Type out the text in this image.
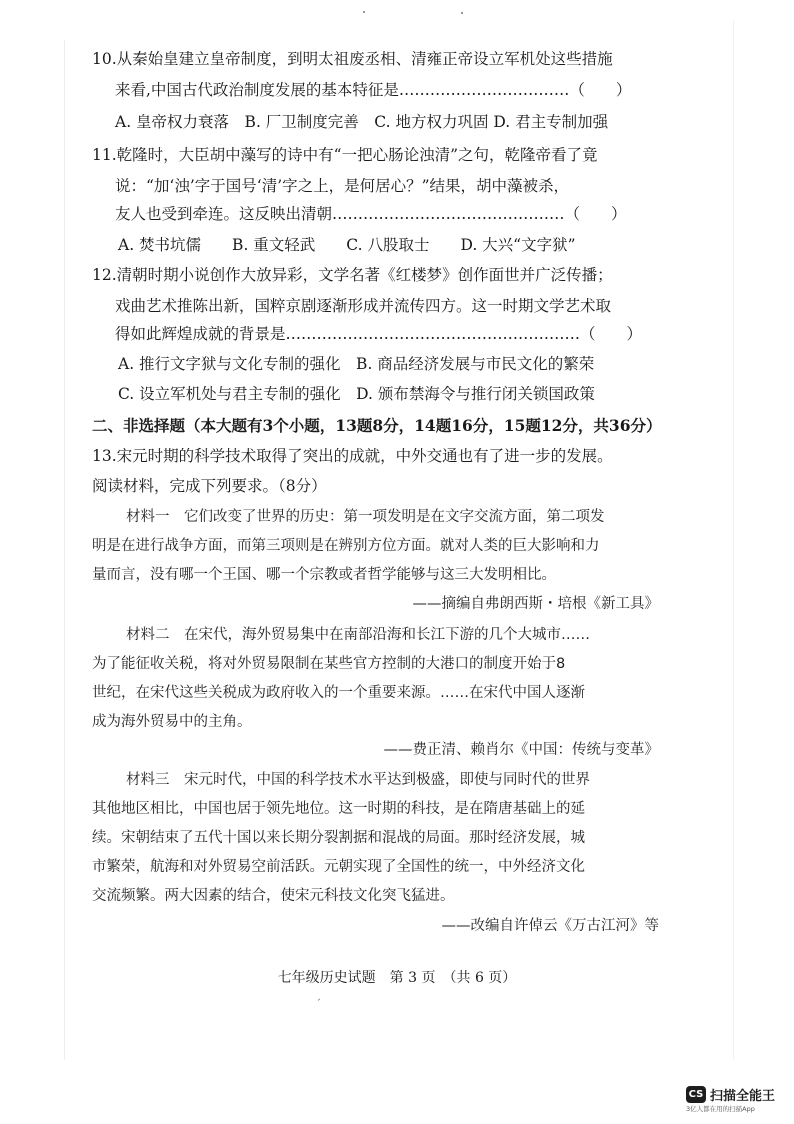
10.从秦始皇建立皇帝制度，到明太祖废丞相、清雍正帝设立军机处这些措施
来看,中国古代政治制度发展的基本特征是……………………………（　　）
A. 皇帝权力衰落　B. 厂卫制度完善　C. 地方权力巩固 D. 君主专制加强
11.乾隆时，大臣胡中藻写的诗中有“一把心肠论浊清”之句，乾隆帝看了竟
说：“加‘浊’字于国号‘清’字之上，是何居心？”结果，胡中藻被杀，
友人也受到牵连。这反映出清朝………………………………………（　　）
A. 焚书坑儒　　B. 重文轻武　　C. 八股取士　　D. 大兴“文字狱”
12.清朝时期小说创作大放异彩，文学名著《红楼梦》创作面世并广泛传播；
戏曲艺术推陈出新，国粹京剧逐渐形成并流传四方。这一时期文学艺术取
得如此辉煌成就的背景是…………………………………………………（　　）
A. 推行文字狱与文化专制的强化　B. 商品经济发展与市民文化的繁荣
C. 设立军机处与君主专制的强化　D. 颁布禁海令与推行闭关锁国政策
二、非选择题（本大题有3个小题，13题8分，14题16分，15题12分，共36分）
13.宋元时期的科学技术取得了突出的成就，中外交通也有了进一步的发展。
阅读材料，完成下列要求。（8分）
材料一　它们改变了世界的历史：第一项发明是在文字交流方面，第二项发
明是在进行战争方面，而第三项则是在辨别方位方面。就对人类的巨大影响和力
量而言，没有哪一个王国、哪一个宗教或者哲学能够与这三大发明相比。
——摘编自弗朗西斯・培根《新工具》
材料二　在宋代，海外贸易集中在南部沿海和长江下游的几个大城市……
为了能征收关税，将对外贸易限制在某些官方控制的大港口的制度开始于8
世纪，在宋代这些关税成为政府收入的一个重要来源。……在宋代中国人逐渐
成为海外贸易中的主角。
——费正清、赖肖尔《中国：传统与变革》
材料三　宋元时代，中国的科学技术水平达到极盛，即使与同时代的世界
其他地区相比，中国也居于领先地位。这一时期的科技，是在隋唐基础上的延
续。宋朝结束了五代十国以来长期分裂割据和混战的局面。那时经济发展，城
市繁荣，航海和对外贸易空前活跃。元朝实现了全国性的统一，中外经济文化
交流频繁。两大因素的结合，使宋元科技文化突飞猛进。
——改编自许倬云《万古江河》等
七年级历史试题　第 3 页　（共 6 页）
ˏ
CS 扫描全能王
3亿人都在用的扫描App
